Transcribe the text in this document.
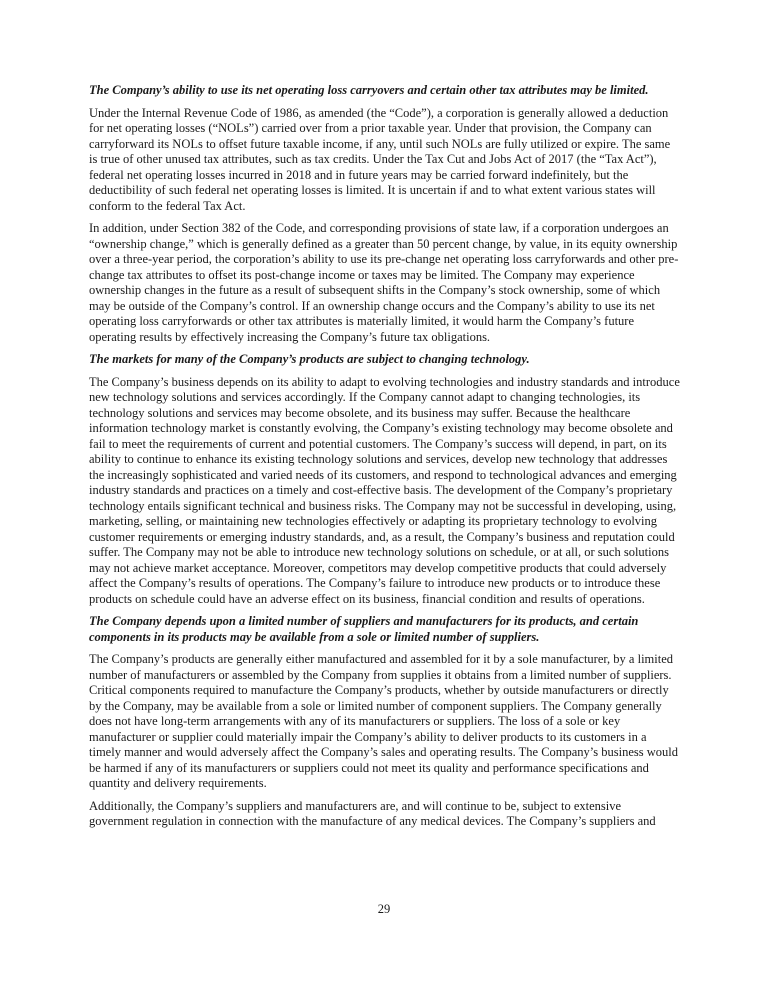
The Company’s ability to use its net operating loss carryovers and certain other tax attributes may be limited.

Under the Internal Revenue Code of 1986, as amended (the “Code”), a corporation is generally allowed a deduction for net operating losses (“NOLs”) carried over from a prior taxable year. Under that provision, the Company can carryforward its NOLs to offset future taxable income, if any, until such NOLs are fully utilized or expire. The same is true of other unused tax attributes, such as tax credits. Under the Tax Cut and Jobs Act of 2017 (the “Tax Act”), federal net operating losses incurred in 2018 and in future years may be carried forward indefinitely, but the deductibility of such federal net operating losses is limited. It is uncertain if and to what extent various states will conform to the federal Tax Act.

In addition, under Section 382 of the Code, and corresponding provisions of state law, if a corporation undergoes an “ownership change,” which is generally defined as a greater than 50 percent change, by value, in its equity ownership over a three-year period, the corporation’s ability to use its pre-change net operating loss carryforwards and other pre-change tax attributes to offset its post-change income or taxes may be limited. The Company may experience ownership changes in the future as a result of subsequent shifts in the Company’s stock ownership, some of which may be outside of the Company’s control. If an ownership change occurs and the Company’s ability to use its net operating loss carryforwards or other tax attributes is materially limited, it would harm the Company’s future operating results by effectively increasing the Company’s future tax obligations.

The markets for many of the Company’s products are subject to changing technology.

The Company’s business depends on its ability to adapt to evolving technologies and industry standards and introduce new technology solutions and services accordingly. If the Company cannot adapt to changing technologies, its technology solutions and services may become obsolete, and its business may suffer. Because the healthcare information technology market is constantly evolving, the Company’s existing technology may become obsolete and fail to meet the requirements of current and potential customers. The Company’s success will depend, in part, on its ability to continue to enhance its existing technology solutions and services, develop new technology that addresses the increasingly sophisticated and varied needs of its customers, and respond to technological advances and emerging industry standards and practices on a timely and cost-effective basis. The development of the Company’s proprietary technology entails significant technical and business risks. The Company may not be successful in developing, using, marketing, selling, or maintaining new technologies effectively or adapting its proprietary technology to evolving customer requirements or emerging industry standards, and, as a result, the Company’s business and reputation could suffer. The Company may not be able to introduce new technology solutions on schedule, or at all, or such solutions may not achieve market acceptance. Moreover, competitors may develop competitive products that could adversely affect the Company’s results of operations. The Company’s failure to introduce new products or to introduce these products on schedule could have an adverse effect on its business, financial condition and results of operations.

The Company depends upon a limited number of suppliers and manufacturers for its products, and certain components in its products may be available from a sole or limited number of suppliers.

The Company’s products are generally either manufactured and assembled for it by a sole manufacturer, by a limited number of manufacturers or assembled by the Company from supplies it obtains from a limited number of suppliers. Critical components required to manufacture the Company’s products, whether by outside manufacturers or directly by the Company, may be available from a sole or limited number of component suppliers. The Company generally does not have long-term arrangements with any of its manufacturers or suppliers. The loss of a sole or key manufacturer or supplier could materially impair the Company’s ability to deliver products to its customers in a timely manner and would adversely affect the Company’s sales and operating results. The Company’s business would be harmed if any of its manufacturers or suppliers could not meet its quality and performance specifications and quantity and delivery requirements.

Additionally, the Company’s suppliers and manufacturers are, and will continue to be, subject to extensive government regulation in connection with the manufacture of any medical devices. The Company’s suppliers and

29
